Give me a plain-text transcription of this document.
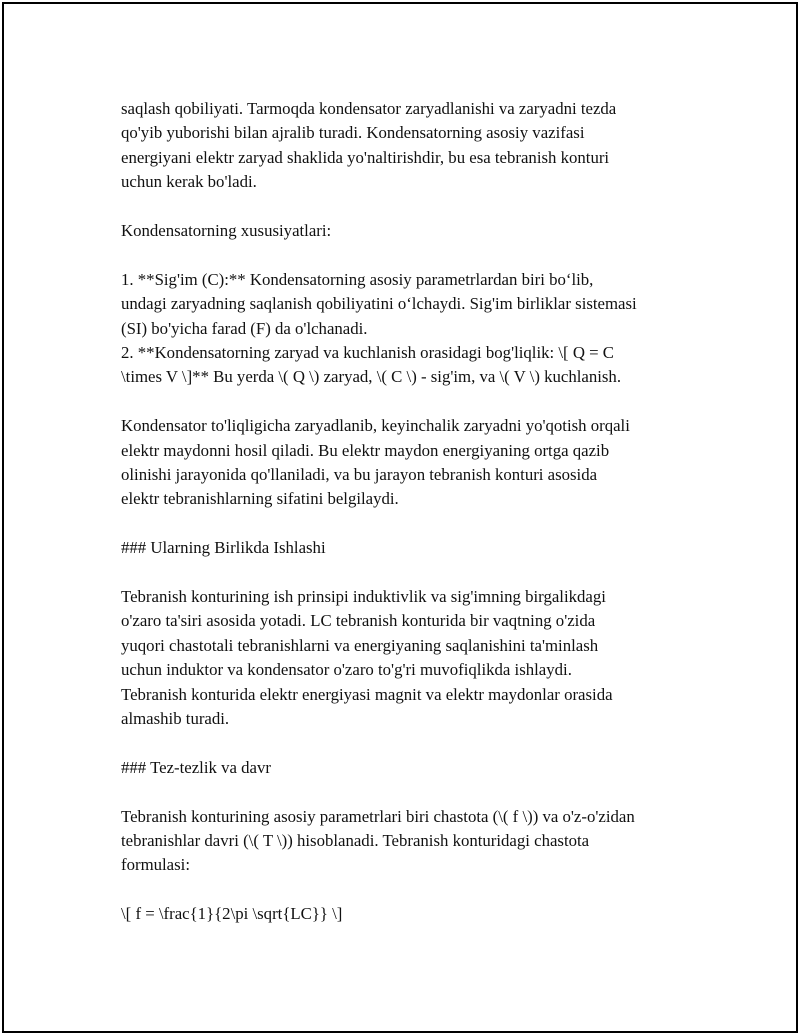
saqlash qobiliyati. Tarmoqda kondensator zaryadlanishi va zaryadni tezda
qo'yib yuborishi bilan ajralib turadi. Kondensatorning asosiy vazifasi
energiyani elektr zaryad shaklida yo'naltirishdir, bu esa tebranish konturi
uchun kerak bo'ladi.

Kondensatorning xususiyatlari:

1. **Sig'im (C):** Kondensatorning asosiy parametrlardan biri bo‘lib,
undagi zaryadning saqlanish qobiliyatini o‘lchaydi. Sig'im birliklar sistemasi
(SI) bo'yicha farad (F) da o'lchanadi.
2. **Kondensatorning zaryad va kuchlanish orasidagi bog'liqlik: \[ Q = C
\times V \]** Bu yerda \( Q \) zaryad, \( C \) - sig'im, va \( V \) kuchlanish.

Kondensator to'liqligicha zaryadlanib, keyinchalik zaryadni yo'qotish orqali
elektr maydonni hosil qiladi. Bu elektr maydon energiyaning ortga qazib
olinishi jarayonida qo'llaniladi, va bu jarayon tebranish konturi asosida
elektr tebranishlarning sifatini belgilaydi.

### Ularning Birlikda Ishlashi

Tebranish konturining ish prinsipi induktivlik va sig'imning birgalikdagi
o'zaro ta'siri asosida yotadi. LC tebranish konturida bir vaqtning o'zida
yuqori chastotali tebranishlarni va energiyaning saqlanishini ta'minlash
uchun induktor va kondensator o'zaro to'g'ri muvofiqlikda ishlaydi.
Tebranish konturida elektr energiyasi magnit va elektr maydonlar orasida
almashib turadi.

### Tez-tezlik va davr

Tebranish konturining asosiy parametrlari biri chastota (\( f \)) va o'z-o'zidan
tebranishlar davri (\( T \)) hisoblanadi. Tebranish konturidagi chastota
formulasi:

\[ f = \frac{1}{2\pi \sqrt{LC}} \]
